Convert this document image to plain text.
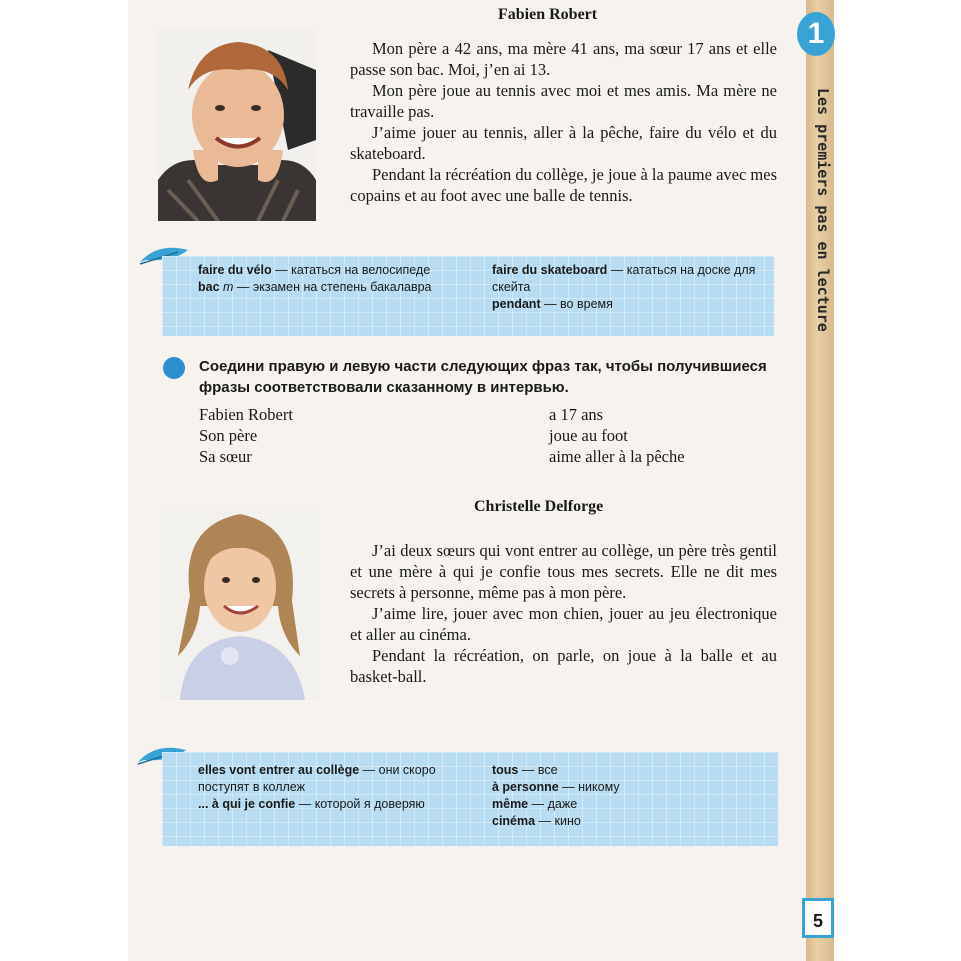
1
Les premiers pas en lecture
5
Fabien Robert

Mon père a 42 ans, ma mère 41 ans, ma sœur 17 ans et elle passe son bac. Moi, j’en ai 13.

Mon père joue au tennis avec moi et mes amis. Ma mère ne travaille pas.

J’aime jouer au tennis, aller à la pêche, faire du vélo et du skateboard.

Pendant la récréation du collège, je joue à la paume avec mes copains et au foot avec une balle de tennis.

faire du vélo — кататься на велосипеде
bac m — экзамен на степень бакалавра
faire du skateboard — кататься на доске для скейта
pendant — во время
Соедини правую и левую части следующих фраз так, чтобы получившиеся фразы соответствовали сказанному в интервью.
Fabien Robert
Son père
Sa sœur
a 17 ans
joue au foot
aime aller à la pêche
Christelle Delforge

J’ai deux sœurs qui vont entrer au collège, un père très gentil et une mère à qui je confie tous mes secrets. Elle ne dit mes secrets à personne, même pas à mon père.

J’aime lire, jouer avec mon chien, jouer au jeu électronique et aller au cinéma.

Pendant la récréation, on parle, on joue à la balle et au basket-ball.

elles vont entrer au collège — они скоро поступят в коллеж
... à qui je confie — которой я доверяю
tous — все
à personne — никому
même — даже
cinéma — кино
